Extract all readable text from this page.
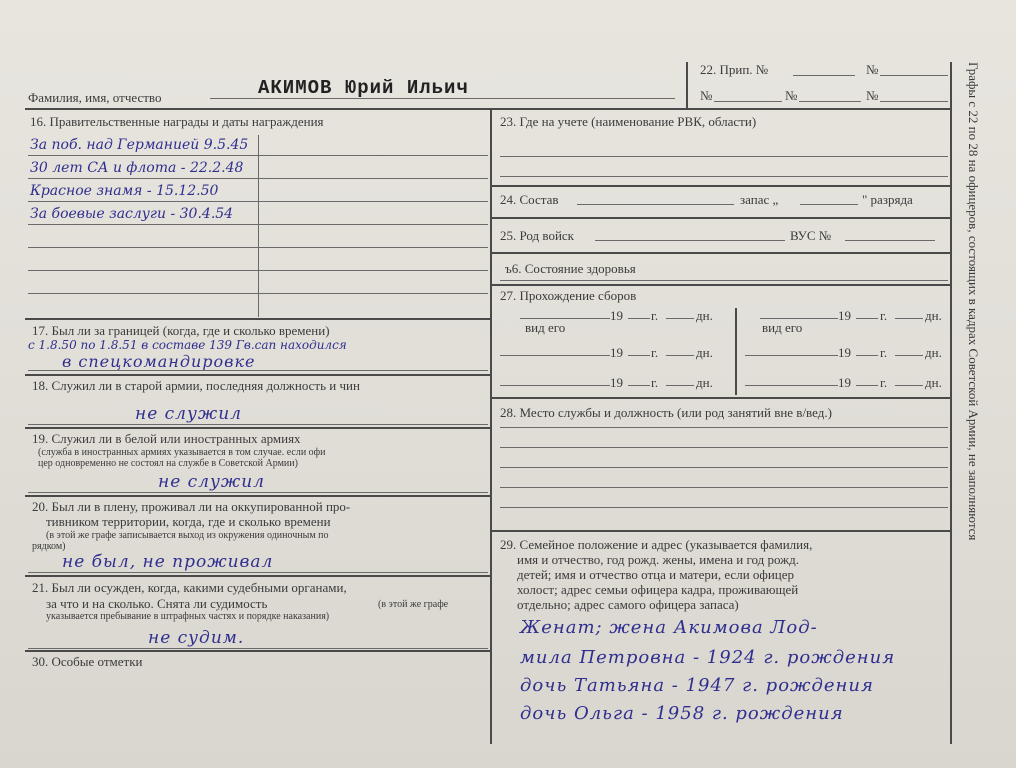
Фамилия, имя, отчество	АКИМОВ Юрий Ильич
22. Прип. №	№
№	№	№
16. Правительственные награды и даты награждения
За поб. над Германией 9.5.45
30 лет СА и флота - 22.2.48
Красное знамя - 15.12.50
За боевые заслуги - 30.4.54
17. Был ли за границей (когда, где и сколько времени)
с 1.8.50 по 1.8.51 в составе 139 Гв.сап находился
в спецкомандировке
18. Служил ли в старой армии, последняя должность и чин
не служил
19. Служил ли в белой или иностранных армиях
(служба в иностранных армиях указывается в том случае. если офи
цер одновременно не состоял на службе в Советской Армии)
не служил
20. Был ли в плену, проживал ли на оккупированной про-
тивником территории, когда, где и сколько времени
(в этой же графе записывается выход из окружения одиночным по
рядком)
не был, не проживал
21. Был ли осужден, когда, какими судебными органами,
за что и на сколько. Снята ли судимость	(в этой же графе
указывается пребывание в штрафных частях и порядке наказания)
не судим.
30. Особые отметки
23. Где на учете (наименование РВК, области)
24. Состав	запас „	" разряда
25. Род войск	ВУС №
ъ6. Состояние здоровья
27. Прохождение сборов
19 г.	дн.
вид его
19 г.	дн.
19 г.	дн.
19 г.	дн.
вид его
19 г.	дн.
19 г.	дн.
28. Место службы и должность (или род занятий вне в/вед.)
29. Семейное положение и адрес (указывается фамилия,
имя и отчество, год рожд. жены, имена и год рожд.
детей; имя и отчество отца и матери, если офицер
холост; адрес семьи офицера кадра, проживающей
отдельно; адрес самого офицера запаса)
Женат; жена Акимова Лод-
мила Петровна - 1924 г. рождения
дочь Татьяна - 1947 г. рождения
дочь Ольга - 1958 г. рождения
Графы с 22 по 28 на офицеров, состоящих в кадрах Советской Армии, не заполняются
